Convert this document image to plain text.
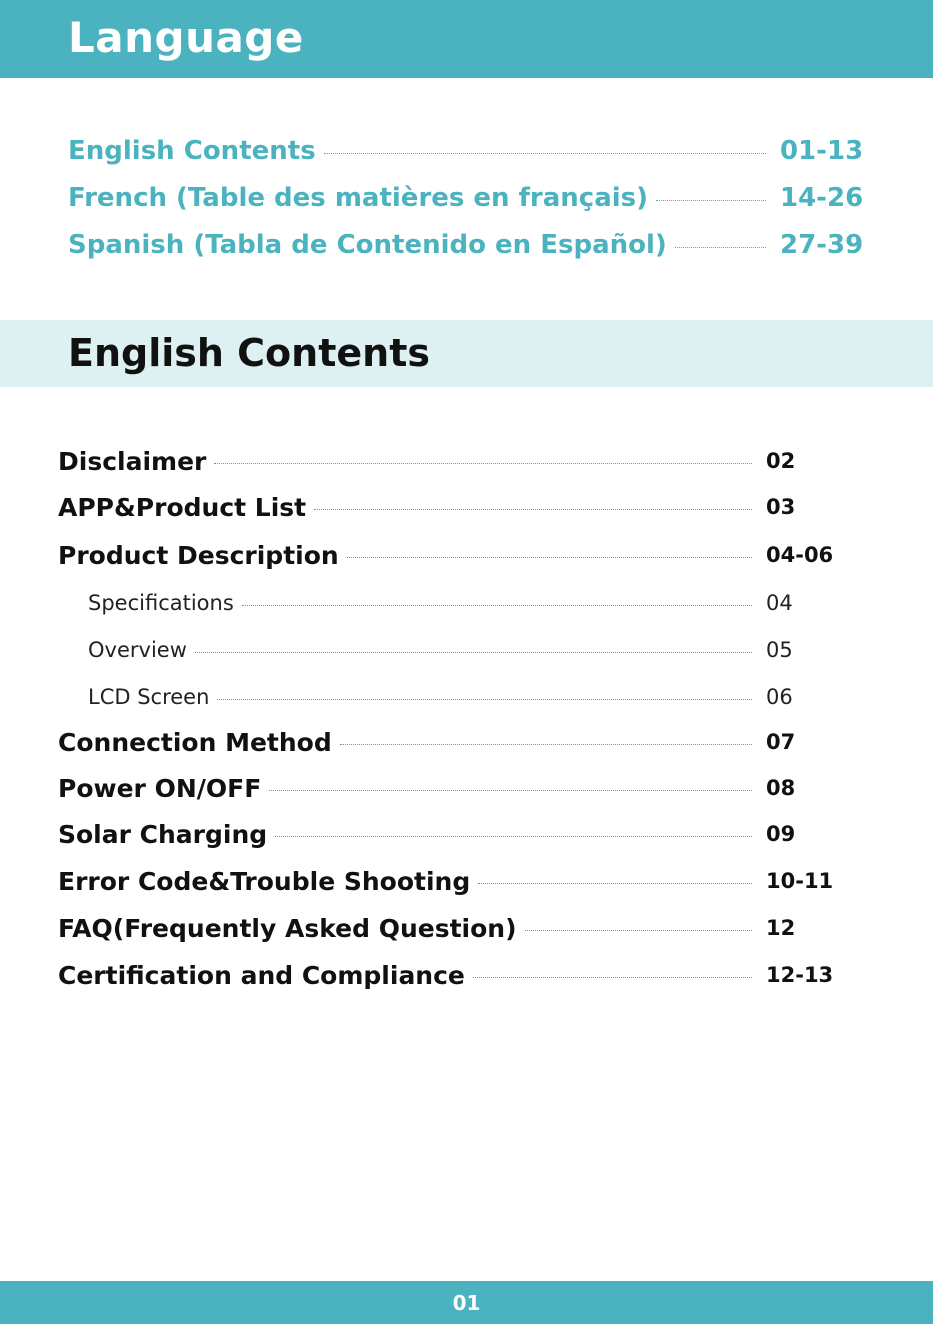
Language
English Contents	01-13
French (Table des matières en français)	14-26
Spanish (Tabla de Contenido en Español)	27-39
English Contents
Disclaimer	02
APP&Product List	03
Product Description	04-06
Specifications	04
Overview	05
LCD Screen	06
Connection Method	07
Power ON/OFF	08
Solar Charging	09
Error Code&Trouble Shooting	10-11
FAQ(Frequently Asked Question)	12
Certification and Compliance	12-13
01
